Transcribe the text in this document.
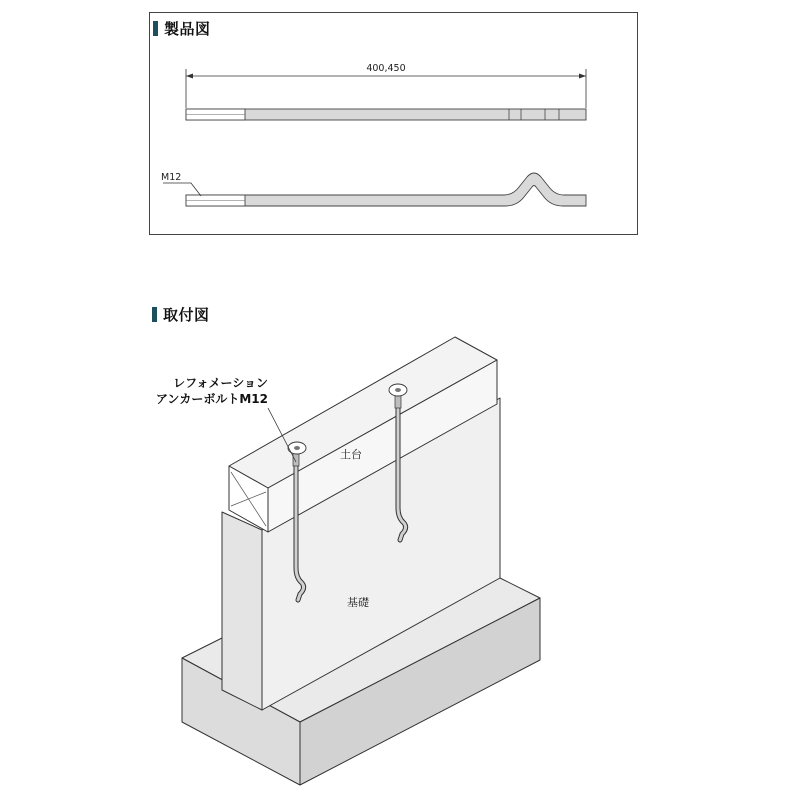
製品図
400,450
M12
取付図
レフォメーション
アンカーボルトM12
土台
基礎
